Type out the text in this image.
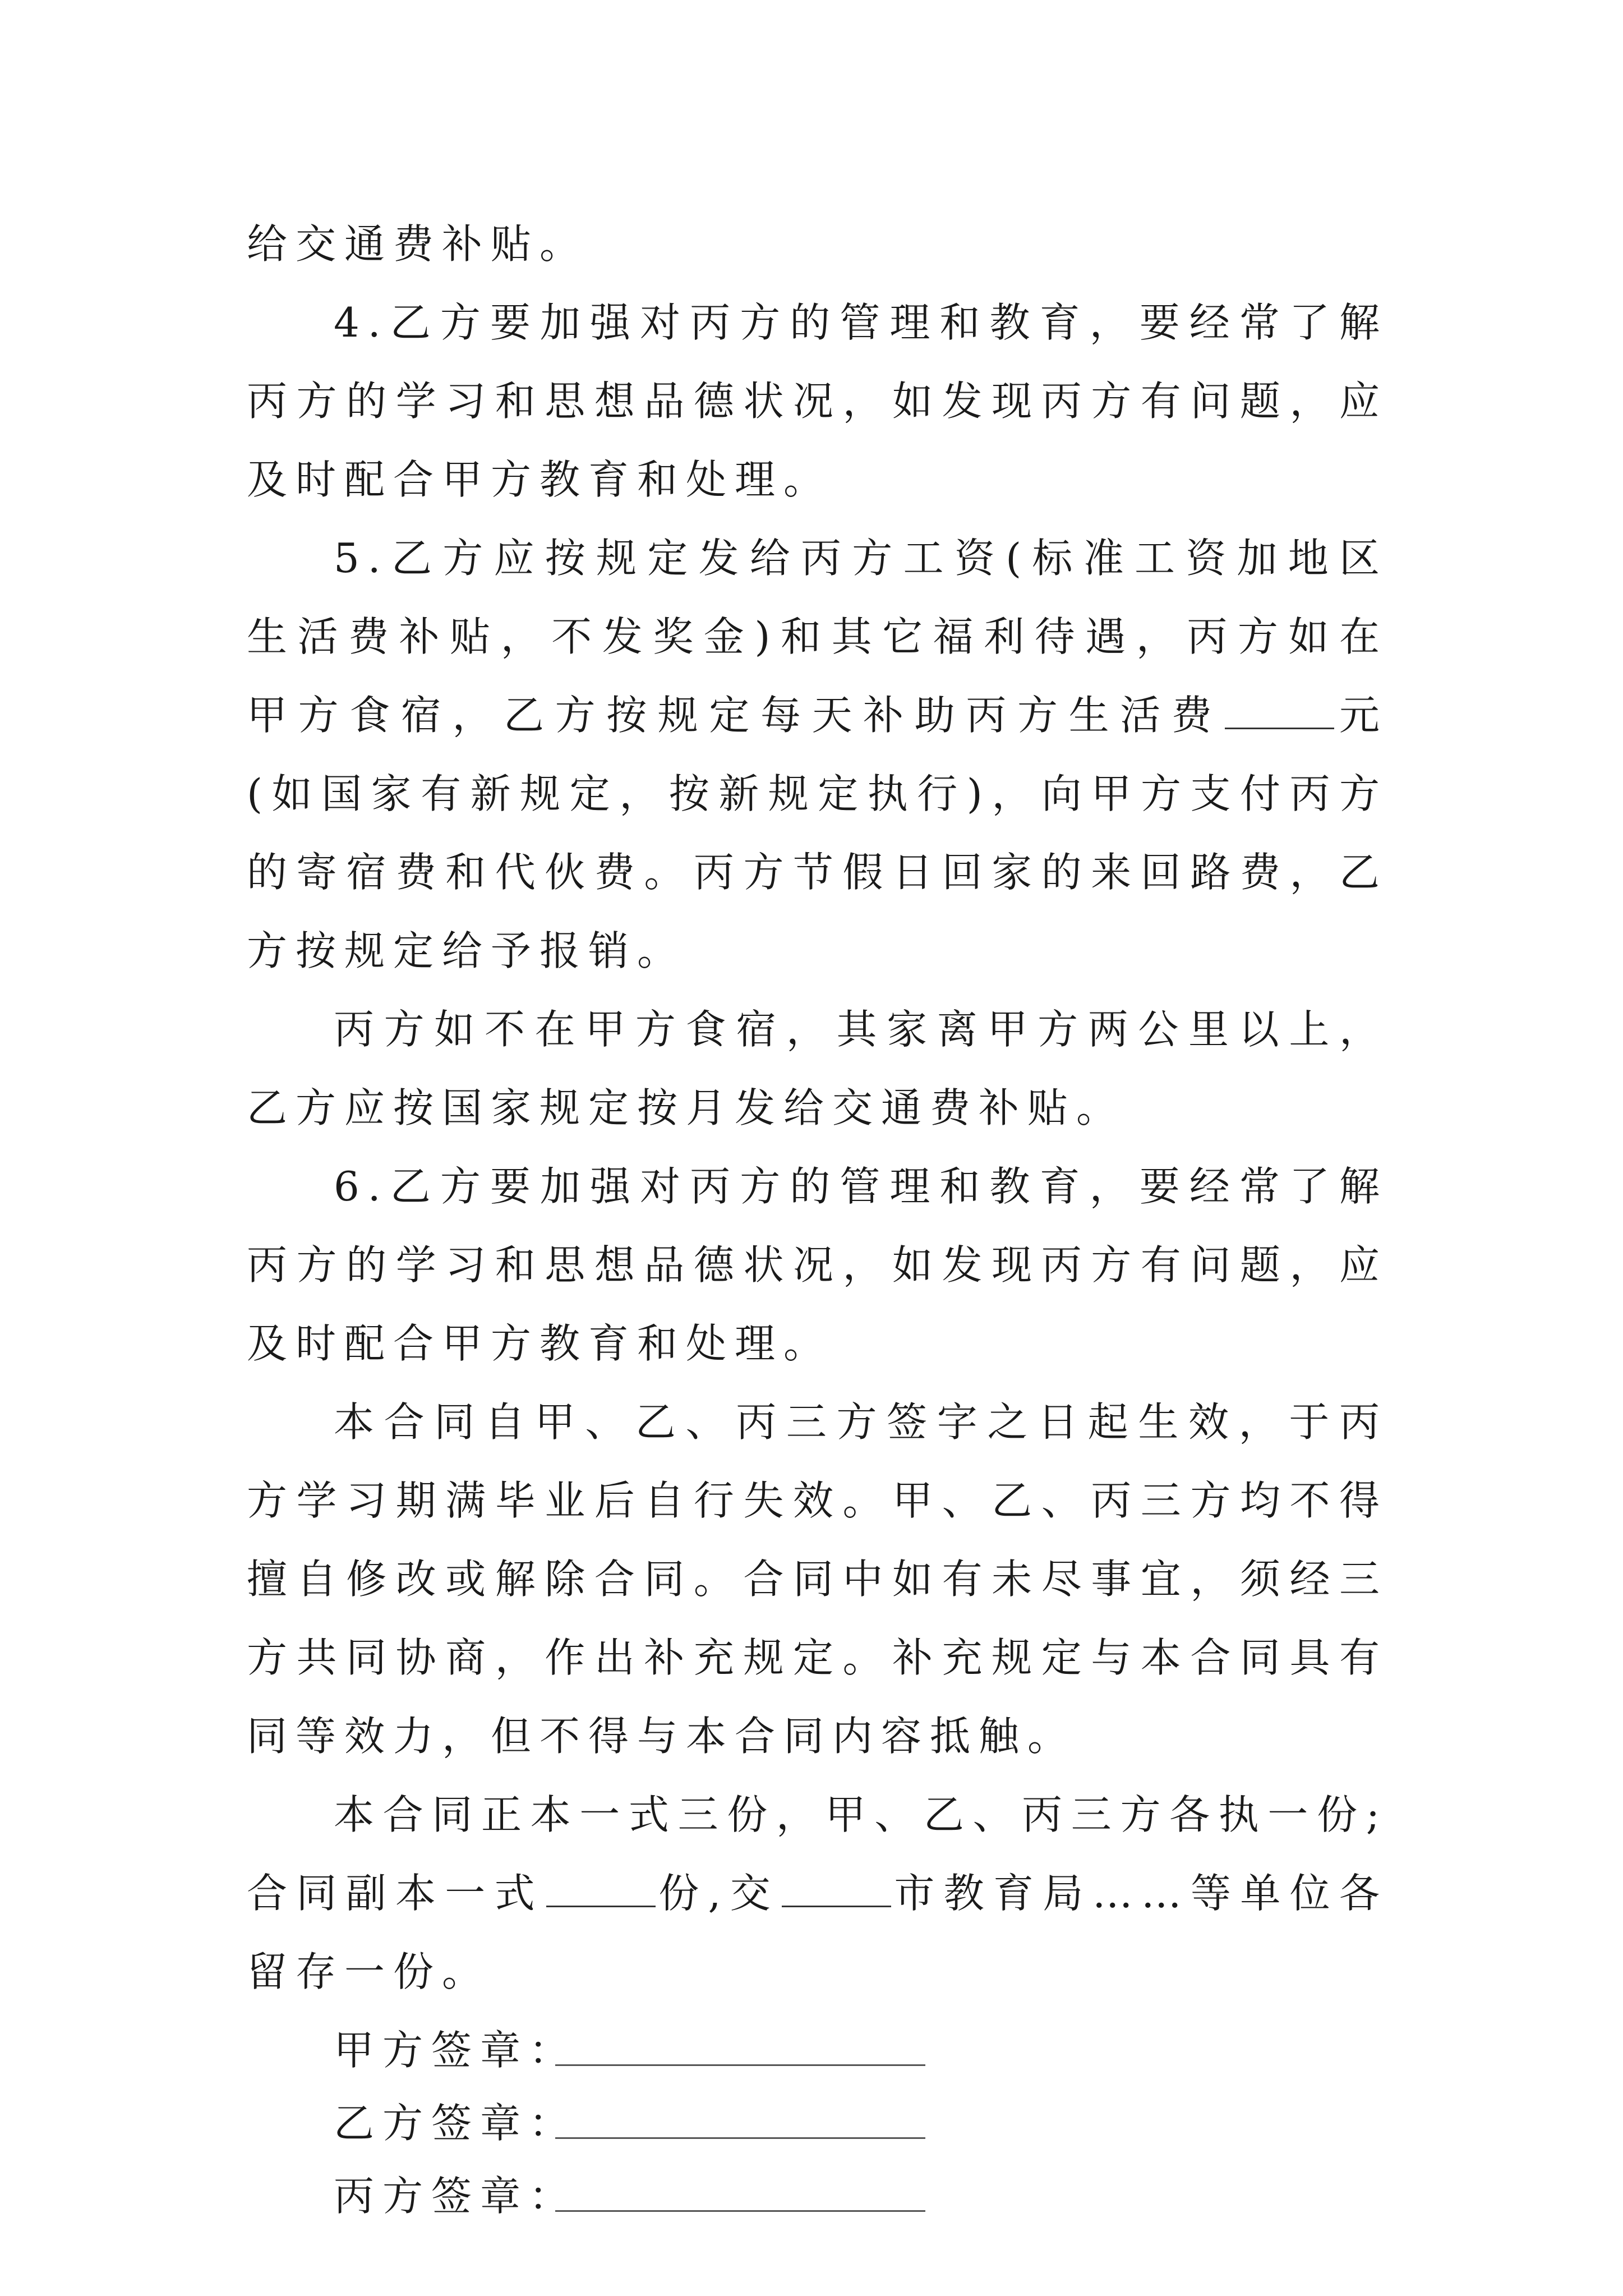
给交通费补贴。

4.乙方要加强对丙方的管理和教育，要经常了解丙方的学习和思想品德状况，如发现丙方有问题，应及时配合甲方教育和处理。

5.乙方应按规定发给丙方工资(标准工资加地区生活费补贴，不发奖金)和其它福利待遇，丙方如在甲方食宿，乙方按规定每天补助丙方生活费	元(如国家有新规定，按新规定执行)，向甲方支付丙方的寄宿费和代伙费。丙方节假日回家的来回路费，乙方按规定给予报销。

丙方如不在甲方食宿，其家离甲方两公里以上，乙方应按国家规定按月发给交通费补贴。

6.乙方要加强对丙方的管理和教育，要经常了解丙方的学习和思想品德状况，如发现丙方有问题，应及时配合甲方教育和处理。

本合同自甲、乙、丙三方签字之日起生效，于丙方学习期满毕业后自行失效。甲、乙、丙三方均不得擅自修改或解除合同。合同中如有未尽事宜，须经三方共同协商，作出补充规定。补充规定与本合同具有同等效力，但不得与本合同内容抵触。

本合同正本一式三份，甲、乙、丙三方各执一份;合同副本一式	份,交	市教育局……等单位各留存一份。

甲方签章：
乙方签章：
丙方签章：
